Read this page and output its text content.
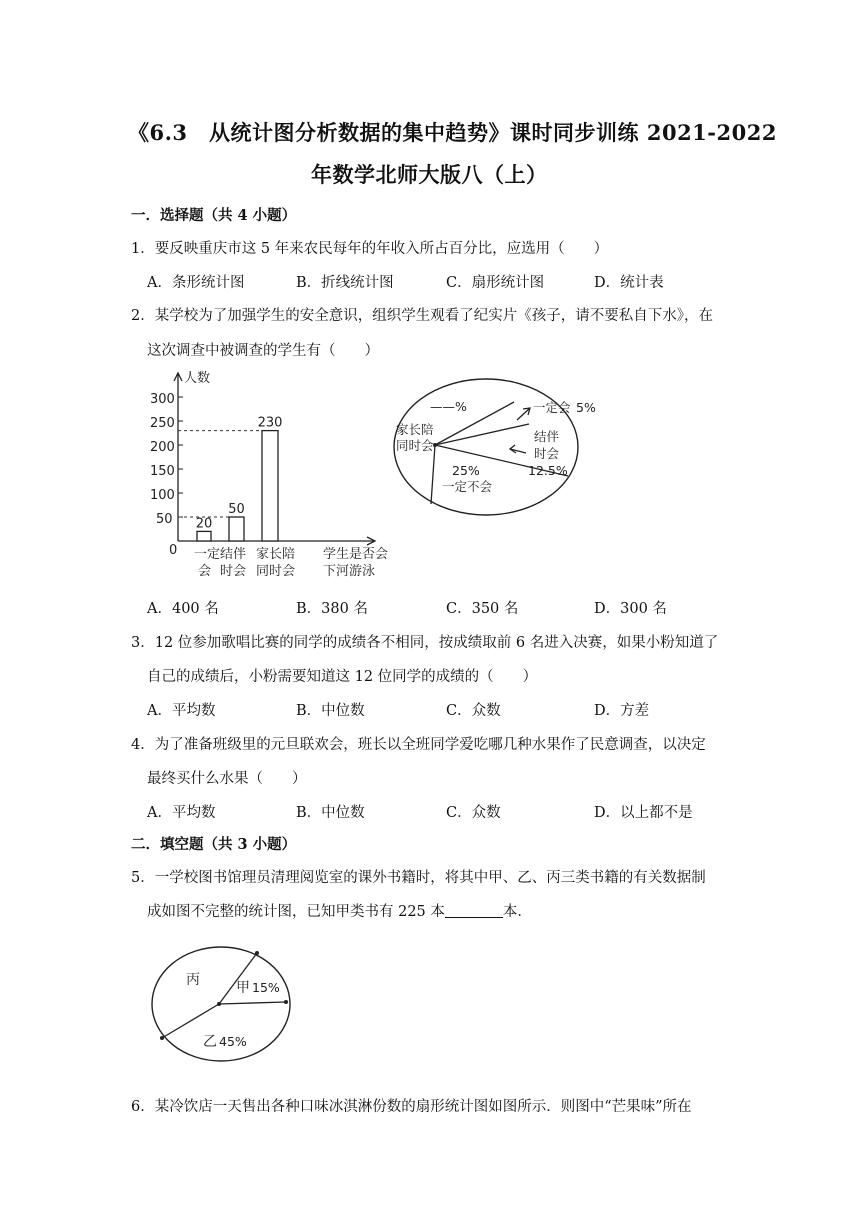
《6.3　从统计图分析数据的集中趋势》课时同步训练 2021-2022
年数学北师大版八（上）
一．选择题（共 4 小题）
1．要反映重庆市这 5 年来农民每年的年收入所占百分比，应选用（　　）
A．条形统计图	B．折线统计图	C．扇形统计图	D．统计表
2．某学校为了加强学生的安全意识，组织学生观看了纪实片《孩子，请不要私自下水》，在
这次调查中被调查的学生有（　　）
人数
300
250
200
150
100
50
0 一定
会
结伴
时会
家长陪
同时会
学生是否会
下河游泳
20
50
230
——%
家长陪
同时会
一定会 5%
结伴
时会
12.5%
25%
一定不会
A．400 名	B．380 名	C．350 名	D．300 名
3．12 位参加歌唱比赛的同学的成绩各不相同，按成绩取前 6 名进入决赛，如果小粉知道了
自己的成绩后，小粉需要知道这 12 位同学的成绩的（　　）
A．平均数	B．中位数	C．众数	D．方差
4．为了准备班级里的元旦联欢会，班长以全班同学爱吃哪几种水果作了民意调查，以决定
最终买什么水果（　　）
A．平均数	B．中位数	C．众数	D．以上都不是
二．填空题（共 3 小题）
5．一学校图书馆理员清理阅览室的课外书籍时，将其中甲、乙、丙三类书籍的有关数据制
成如图不完整的统计图，已知甲类书有 225 本	本．
丙	甲 15%
乙 45%
6．某冷饮店一天售出各种口味冰淇淋份数的扇形统计图如图所示．则图中“芒果味”所在
